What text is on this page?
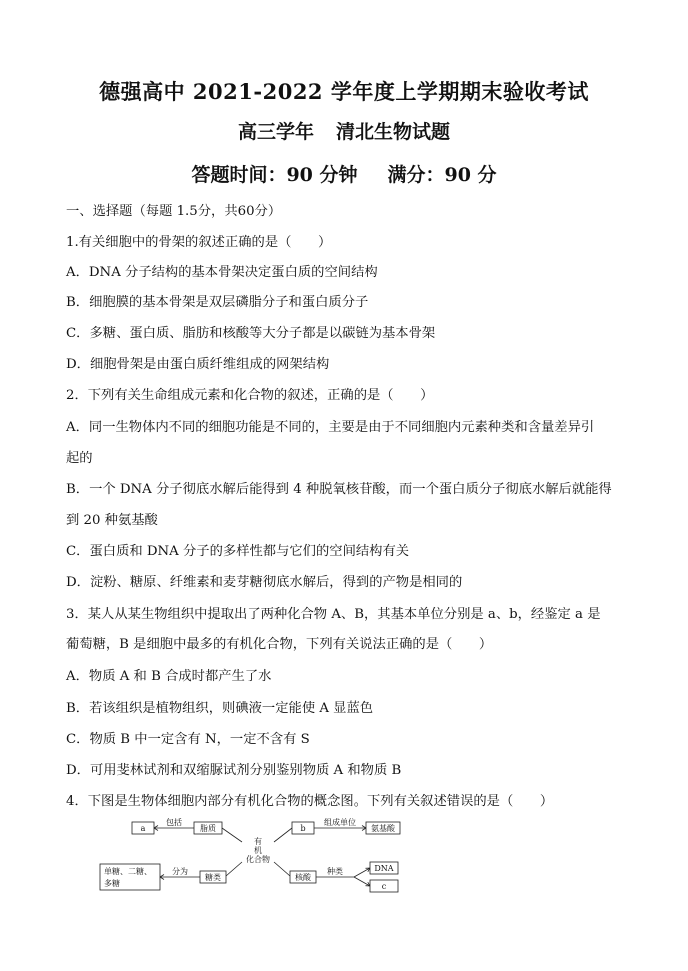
德强高中 2021-2022 学年度上学期期末验收考试
高三学年 清北生物试题
答题时间：90 分钟 满分：90 分
一、选择题（每题 1.5分，共60分）
1.有关细胞中的骨架的叙述正确的是（　　）
A．DNA 分子结构的基本骨架决定蛋白质的空间结构
B．细胞膜的基本骨架是双层磷脂分子和蛋白质分子
C．多糖、蛋白质、脂肪和核酸等大分子都是以碳链为基本骨架
D．细胞骨架是由蛋白质纤维组成的网架结构
2．下列有关生命组成元素和化合物的叙述，正确的是（　　）
A．同一生物体内不同的细胞功能是不同的，主要是由于不同细胞内元素种类和含量差异引
起的
B．一个 DNA 分子彻底水解后能得到 4 种脱氧核苷酸，而一个蛋白质分子彻底水解后就能得
到 20 种氨基酸
C．蛋白质和 DNA 分子的多样性都与它们的空间结构有关
D．淀粉、糖原、纤维素和麦芽糖彻底水解后，得到的产物是相同的
3．某人从某生物组织中提取出了两种化合物 A、B，其基本单位分别是 a、b，经鉴定 a 是
葡萄糖，B 是细胞中最多的有机化合物，下列有关说法正确的是（　　）
A．物质 A 和 B 合成时都产生了水
B．若该组织是植物组织，则碘液一定能使 A 显蓝色
C．物质 B 中一定含有 N，一定不含有 S
D．可用斐林试剂和双缩脲试剂分别鉴别物质 A 和物质 B
4．下图是生物体细胞内部分有机化合物的概念图。下列有关叙述错误的是（　　）
a
包括
脂质
有
机
化合物
b
组成单位
氨基酸
单糖、二糖、
多糖
分为
糖类	核酸
种类	DNA
c
